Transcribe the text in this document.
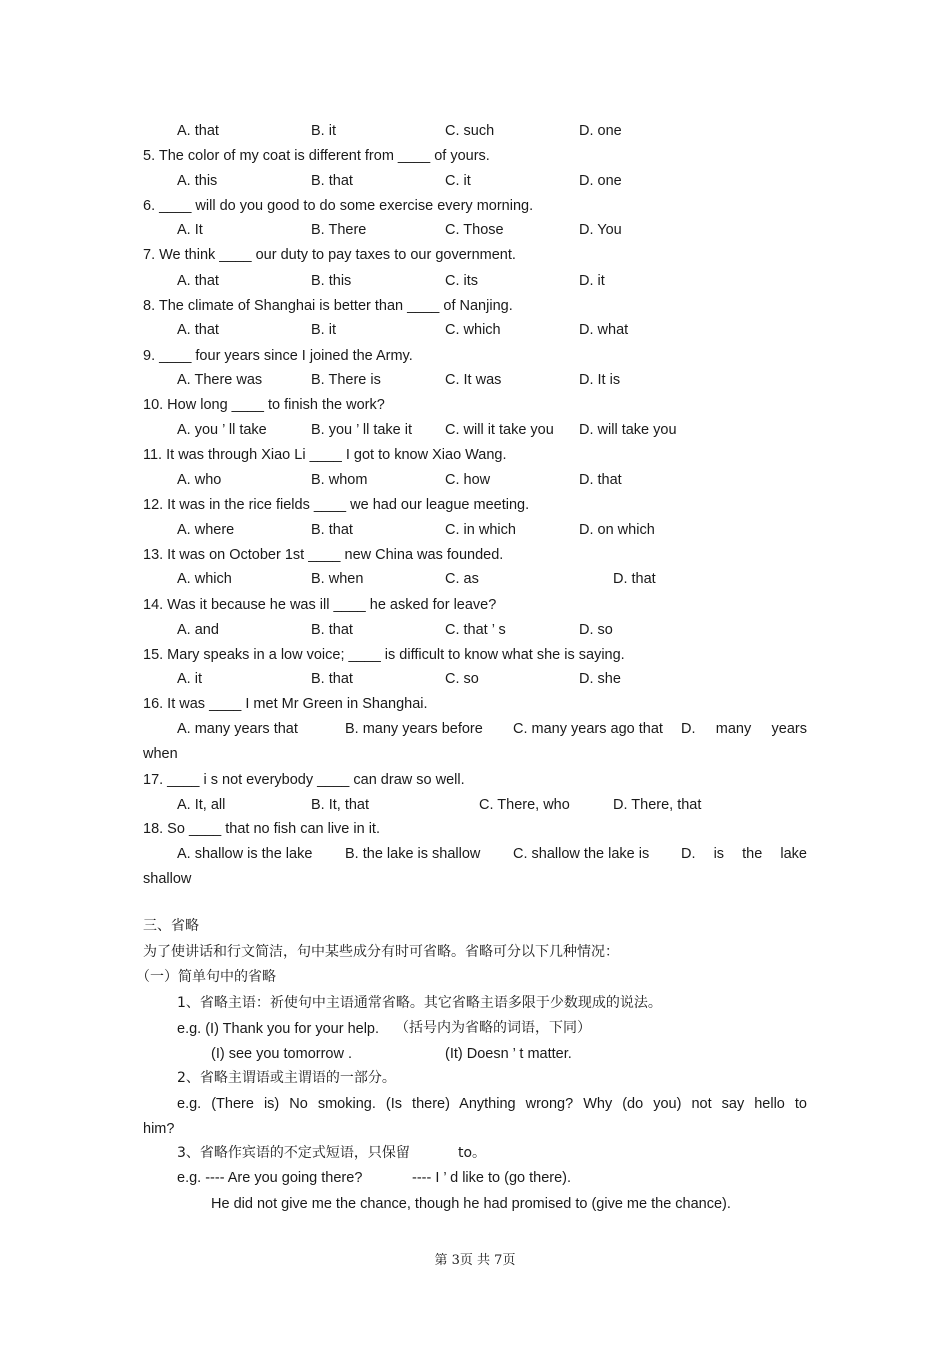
A. that	B. it	C. such	D. one
5. The color of my coat is different from ____ of yours.
A. this	B. that	C. it	D. one
6. ____ will do you good to do some exercise every morning.
A. It	B. There	C. Those	D. You
7. We think ____ our duty to pay taxes to our government.
A. that	B. this	C. its	D. it
8. The climate of Shanghai is better than ____ of Nanjing.
A. that	B. it	C. which	D. what
9. ____ four years since I joined the Army.
A. There was	B. There is	C. It was	D. It is
10. How long ____ to finish the work?
A. you ’ ll take	B. you ’ ll take it C. will it take you D. will take you
11. It was through Xiao Li ____ I got to know Xiao Wang.
A. who	B. whom	C. how	D. that
12. It was in the rice fields ____ we had our league meeting.
A. where	B. that	C. in which	D. on which
13. It was on October 1st ____ new China was founded.
A. which	B. when	C. as	D. that
14. Was it because he was ill ____ he asked for leave?
A. and	B. that	C. that ’ s	D. so
15. Mary speaks in a low voice; ____ is difficult to know what she is saying.
A. it	B. that	C. so	D. she
16. It was ____ I met Mr Green in Shanghai.
A. many years that	B. many years before C. many years ago that D. many years
when
17. ____ i s not everybody ____ can draw so well.
A. It, all	B. It, that	C. There, who	D. There, that
18. So ____ that no fish can live in it.
A. shallow is the lake B. the lake is shallow C. shallow the lake is D. is the lake
shallow
三、省略
为了使讲话和行文简洁，句中某些成分有时可省略。省略可分以下几种情况：
（一）简单句中的省略
1、省略主语：祈使句中主语通常省略。其它省略主语多限于少数现成的说法。
e.g. (I) Thank you for your help. （括号内为省略的词语，下同）
(I) see you tomorrow .	(It) Doesn ’ t matter.
2、省略主谓语或主谓语的一部分。
e.g. (There is) No smoking. (Is there) Anything wrong? Why (do you) not say hello to
him?
3、省略作宾语的不定式短语，只保留	to。
e.g. ---- Are you going there?	---- I ’ d like to (go there).
He did not give me the chance, though he had promised to (give me the chance).
第 3页 共 7页
